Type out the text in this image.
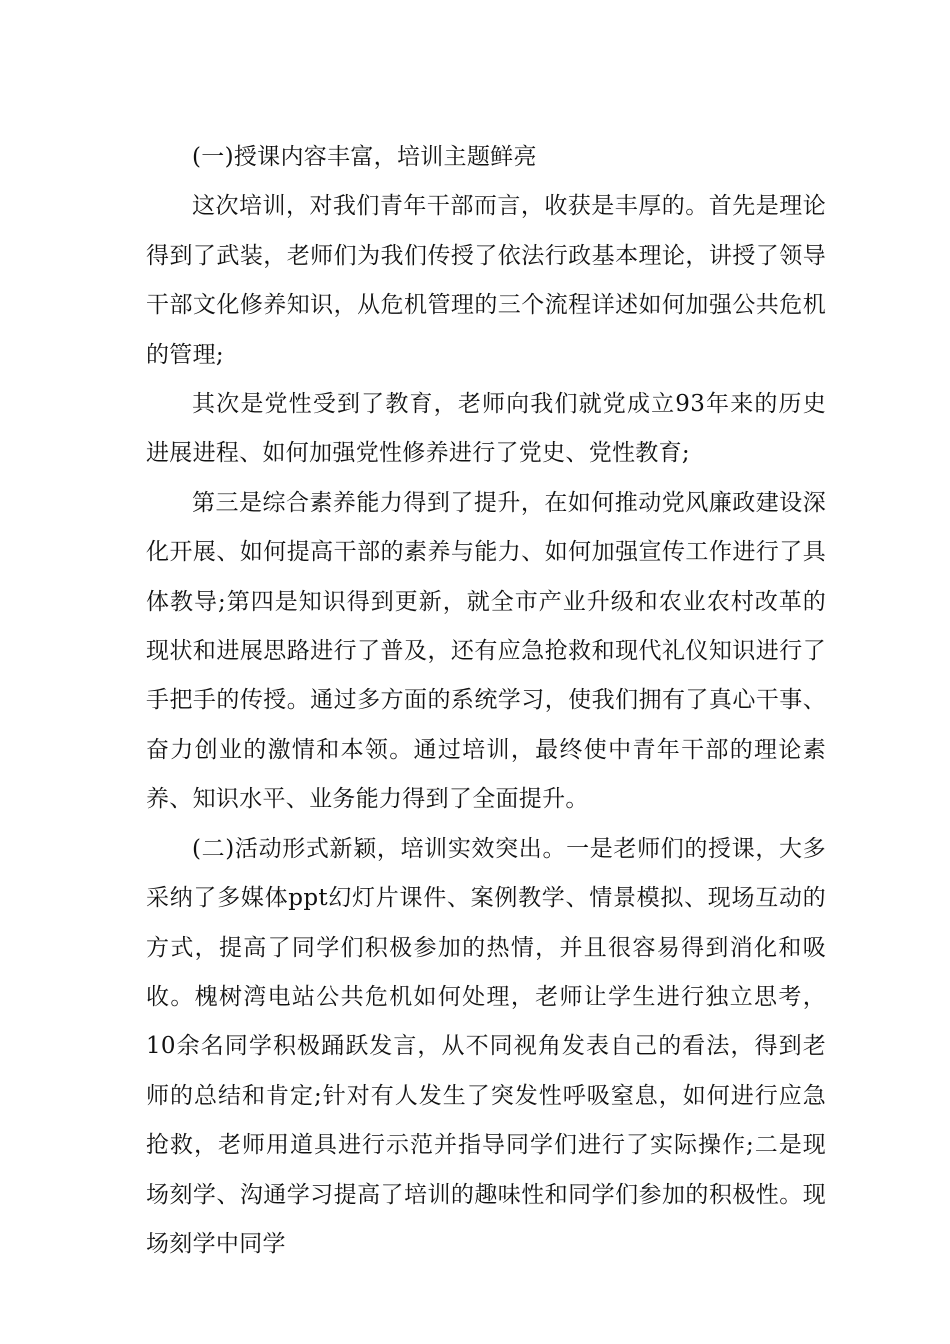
(一)授课内容丰富，培训主题鲜亮

这次培训，对我们青年干部而言，收获是丰厚的。首先是理论得到了武装，老师们为我们传授了依法行政基本理论，讲授了领导干部文化修养知识，从危机管理的三个流程详述如何加强公共危机的管理;

其次是党性受到了教育，老师向我们就党成立93年来的历史进展进程、如何加强党性修养进行了党史、党性教育;

第三是综合素养能力得到了提升，在如何推动党风廉政建设深化开展、如何提高干部的素养与能力、如何加强宣传工作进行了具体教导;第四是知识得到更新，就全市产业升级和农业农村改革的现状和进展思路进行了普及，还有应急抢救和现代礼仪知识进行了手把手的传授。通过多方面的系统学习，使我们拥有了真心干事、奋力创业的激情和本领。通过培训，最终使中青年干部的理论素养、知识水平、业务能力得到了全面提升。

(二)活动形式新颖，培训实效突出。一是老师们的授课，大多采纳了多媒体ppt幻灯片课件、案例教学、情景模拟、现场互动的方式，提高了同学们积极参加的热情，并且很容易得到消化和吸收。槐树湾电站公共危机如何处理，老师让学生进行独立思考，10余名同学积极踊跃发言，从不同视角发表自己的看法，得到老师的总结和肯定;针对有人发生了突发性呼吸窒息，如何进行应急抢救，老师用道具进行示范并指导同学们进行了实际操作;二是现场刻学、沟通学习提高了培训的趣味性和同学们参加的积极性。现场刻学中同学
